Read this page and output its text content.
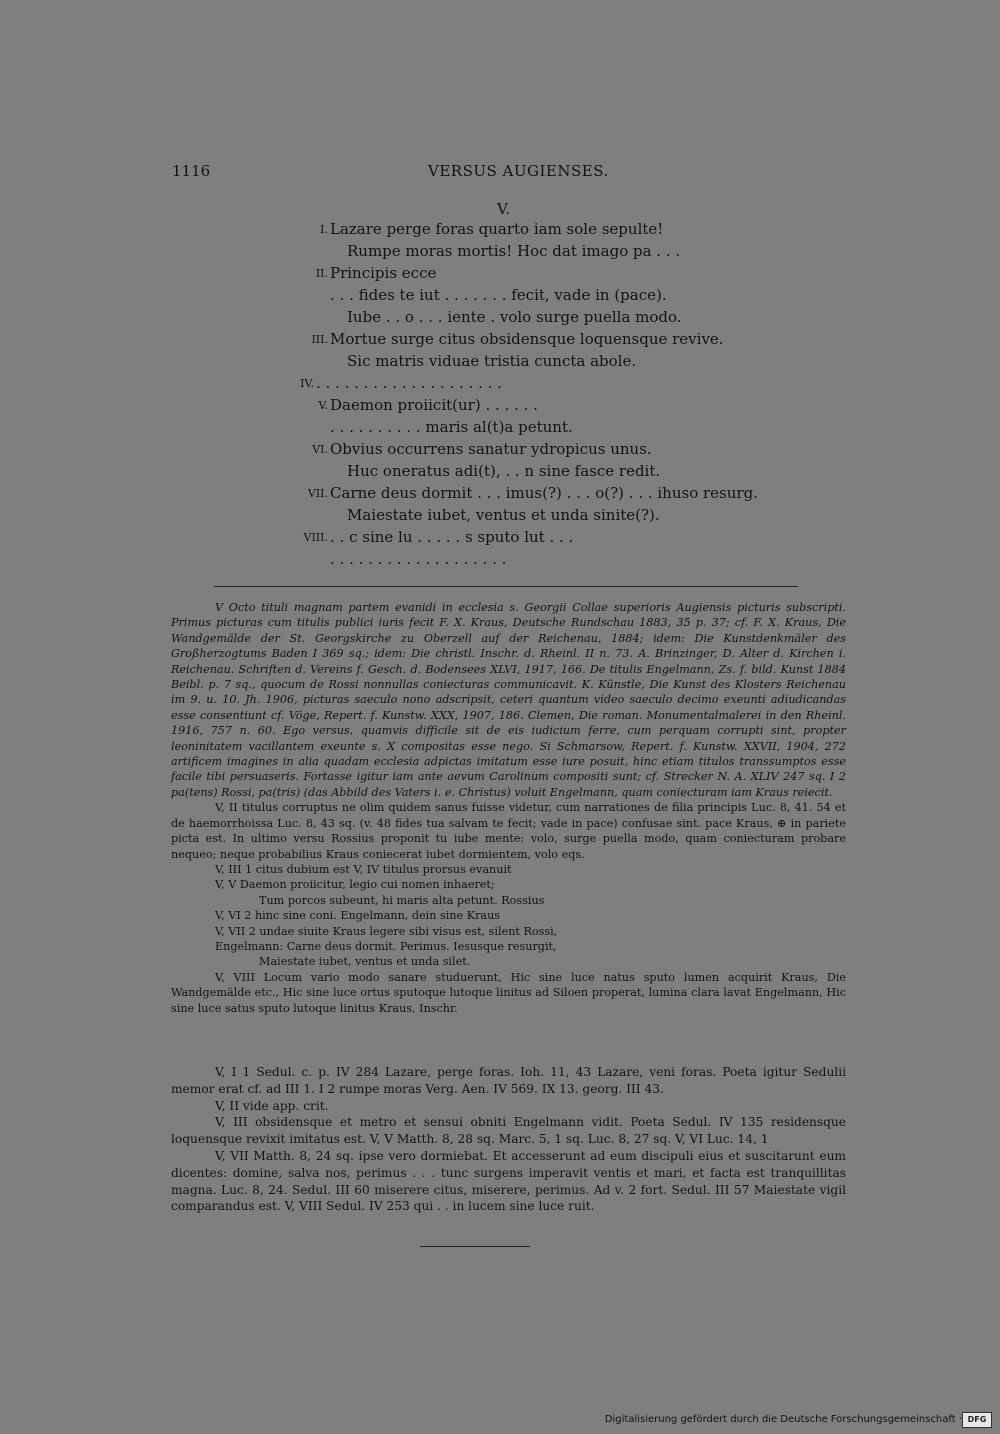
1116	VERSUS AUGIENSES.
V.
I. Lazare perge foras quarto iam sole sepulte!
Rumpe moras mortis! Hoc dat imago pa . . .
II. Principis ecce
. . . fides te iut . . . . . . . fecit, vade in (pace).
Iube . . o . . . iente . volo surge puella modo.
III. Mortue surge citus obsidensque loquensque revive.
Sic matris viduae tristia cuncta abole.
IV. . . . . . . . . . . . . . . . . . . . .
V. Daemon proiicit(ur) . . . . . .
. . . . . . . . . . maris al(t)a petunt.
VI. Obvius occurrens sanatur ydropicus unus.
Huc oneratus adi(t), . . n sine fasce redit.
VII. Carne deus dormit . . . imus(?) . . . o(?) . . . ihuso resurg.
Maiestate iubet, ventus et unda sinite(?).
VIII. . . c sine lu . . . . . s sputo lut . . .
. . . . . . . . . . . . . . . . . . .

V Octo tituli magnam partem evanidi in ecclesia s. Georgii Collae superioris Augiensis picturis subscripti. Primus picturas cum titulis publici iuris fecit F. X. Kraus, Deutsche Rundschau 1883, 35 p. 37; cf. F. X. Kraus, Die Wandgemälde der St. Georgskirche zu Oberzell auf der Reichenau, 1884; idem: Die Kunstdenkmäler des Großherzogtums Baden I 369 sq.; idem: Die christl. Inschr. d. Rheinl. II n. 73. A. Brinzinger, D. Alter d. Kirchen i. Reichenau. Schriften d. Vereins f. Gesch. d. Bodensees XLVI, 1917, 166. De titulis Engelmann, Zs. f. bild. Kunst 1884 Beibl. p. 7 sq., quocum de Rossi nonnullas coniecturas communicavit. K. Künstle, Die Kunst des Klosters Reichenau im 9. u. 10. Jh. 1906, picturas saeculo nono adscripsit, ceteri quantum video saeculo decimo exeunti adiudicandas esse consentiunt cf. Vöge, Repert. f. Kunstw. XXX, 1907, 186. Clemen, Die roman. Monumentalmalerei in den Rheinl. 1916, 757 n. 60. Ego versus, quamvis difficile sit de eis iudicium ferre, cum perquam corrupti sint, propter leoninitatem vacillantem exeunte s. X compositas esse nego. Si Schmarsow, Repert. f. Kunstw. XXVII, 1904, 272 artificem imagines in alia quadam ecclesia adpictas imitatum esse iure posuit, hinc etiam titulos transsumptos esse facile tibi persuaseris. Fortasse igitur iam ante aevum Carolinum compositi sunt; cf. Strecker N. A. XLIV 247 sq. I 2 pa(tens) Rossi, pa(tris) (das Abbild des Vaters i. e. Christus) voluit Engelmann, quam coniecturam iam Kraus reiecit.

V, II titulus corruptus ne olim quidem sanus fuisse videtur, cum narrationes de filia principis Luc. 8, 41. 54 et de haemorrhoissa Luc. 8, 43 sq. (v. 48 fides tua salvam te fecit; vade in pace) confusae sint. pace Kraus, ⊕ in pariete picta est. In ultimo versu Rossius proponit tu iube mente: volo, surge puella modo, quam coniecturam probare nequeo; neque probabilius Kraus coniecerat iubet dormientem, volo eqs.

V, III 1 citus dubium est V, IV titulus prorsus evanuit

V, V Daemon proiicitur, legio cui nomen inhaeret;

Tum porcos subeunt, hi maris alta petunt. Rossius

V, VI 2 hinc sine coni. Engelmann, dein sine Kraus

V, VII 2 undae siuite Kraus legere sibi visus est, silent Rossi,

Engelmann: Carne deus dormit. Perimus. Iesusque resurgit,

Maiestate iubet, ventus et unda silet.

V, VIII Locum vario modo sanare studuerunt, Hic sine luce natus sputo lumen acquirit Kraus, Die Wandgemälde etc., Hic sine luce ortus sputoque lutoque linitus ad Siloen properat, lumina clara lavat Engelmann, Hic sine luce satus sputo lutoque linitus Kraus, Inschr.

V, I 1 Sedul. c. p. IV 284 Lazare, perge foras. Ioh. 11, 43 Lazare, veni foras. Poeta igitur Sedulii memor erat cf. ad III 1. I 2 rumpe moras Verg. Aen. IV 569. IX 13. georg. III 43.

V, II vide app. crit.

V, III obsidensque et metro et sensui obniti Engelmann vidit. Poeta Sedul. IV 135 residensque loquensque revixit imitatus est. V, V Matth. 8, 28 sq. Marc. 5, 1 sq. Luc. 8, 27 sq. V, VI Luc. 14, 1

V, VII Matth. 8, 24 sq. ipse vero dormiebat. Et accesserunt ad eum discipuli eius et suscitarunt eum dicentes: domine, salva nos, perimus . . . tunc surgens imperavit ventis et mari, et facta est tranquillitas magna. Luc. 8, 24. Sedul. III 60 miserere citus, miserere, perimus. Ad v. 2 fort. Sedul. III 57 Maiestate vigil comparandus est. V, VIII Sedul. IV 253 qui . . in lucem sine luce ruit.

Digitalisierung gefördert durch die Deutsche Forschungsgemeinschaft · DFG
